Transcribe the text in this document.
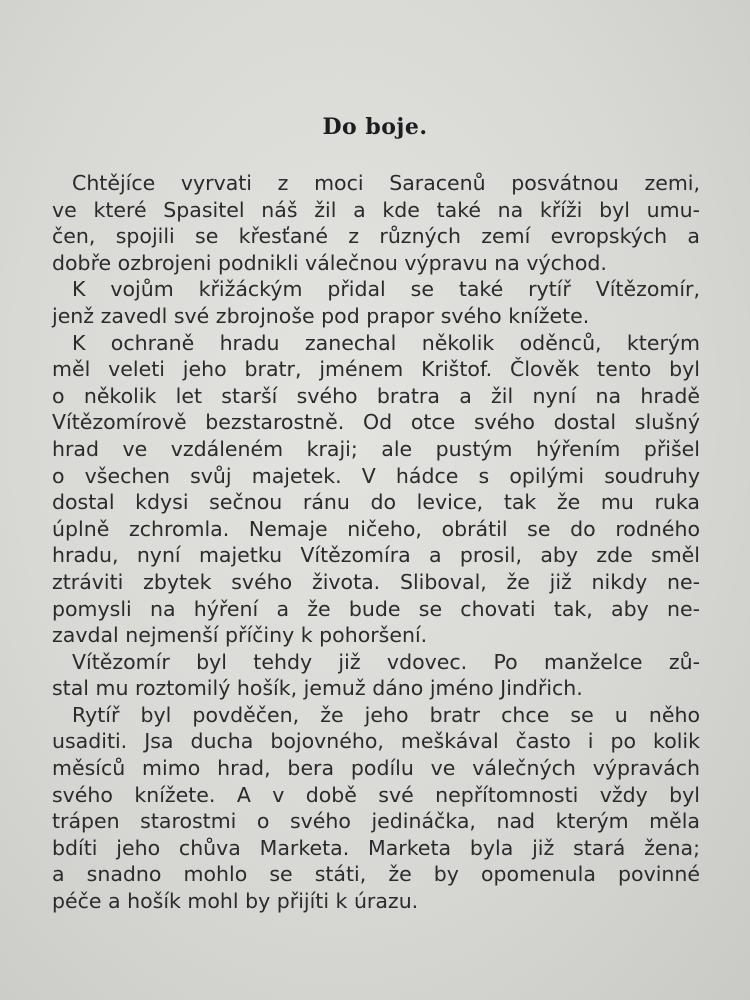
Do boje.
Chtějíce vyrvati z moci Saracenů posvátnou zemi,
ve které Spasitel náš žil a kde také na kříži byl umu-
čen, spojili se křesťané z různých zemí evropských a
dobře ozbrojeni podnikli válečnou výpravu na východ.
K vojům křižáckým přidal se také rytíř Vítězomír,
jenž zavedl své zbrojnoše pod prapor svého knížete.
K ochraně hradu zanechal několik oděnců, kterým
měl veleti jeho bratr, jménem Krištof. Člověk tento byl
o několik let starší svého bratra a žil nyní na hradě
Vítězomírově bezstarostně. Od otce svého dostal slušný
hrad ve vzdáleném kraji; ale pustým hýřením přišel
o všechen svůj majetek. V hádce s opilými soudruhy
dostal kdysi sečnou ránu do levice, tak že mu ruka
úplně zchromla. Nemaje ničeho, obrátil se do rodného
hradu, nyní majetku Vítězomíra a prosil, aby zde směl
ztráviti zbytek svého života. Sliboval, že již nikdy ne-
pomysli na hýření a že bude se chovati tak, aby ne-
zavdal nejmenší příčiny k pohoršení.
Vítězomír byl tehdy již vdovec. Po manželce zů-
stal mu roztomilý hošík, jemuž dáno jméno Jindřich.
Rytíř byl povděčen, že jeho bratr chce se u něho
usaditi. Jsa ducha bojovného, meškával často i po kolik
měsíců mimo hrad, bera podílu ve válečných výpravách
svého knížete. A v době své nepřítomnosti vždy byl
trápen starostmi o svého jedináčka, nad kterým měla
bdíti jeho chůva Marketa. Marketa byla již stará žena;
a snadno mohlo se státi, že by opomenula povinné
péče a hošík mohl by přijíti k úrazu.
